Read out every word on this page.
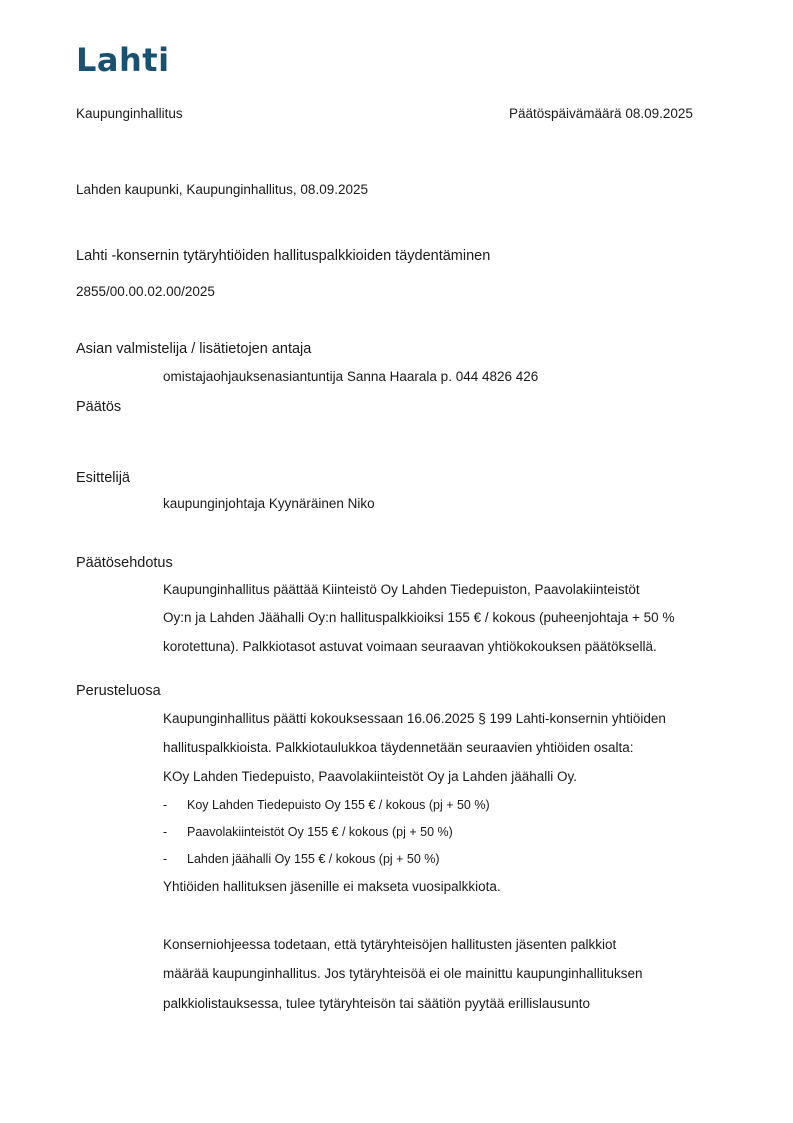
Lahti
Kaupunginhallitus	Päätöspäivämäärä 08.09.2025
Lahden kaupunki, Kaupunginhallitus, 08.09.2025
Lahti -konsernin tytäryhtiöiden hallituspalkkioiden täydentäminen
2855/00.00.02.00/2025
Asian valmistelija / lisätietojen antaja
omistajaohjauksenasiantuntija Sanna Haarala p. 044 4826 426
Päätös
Esittelijä
kaupunginjohtaja Kyynäräinen Niko
Päätösehdotus
Kaupunginhallitus päättää Kiinteistö Oy Lahden Tiedepuiston, Paavolakiinteistöt
Oy:n ja Lahden Jäähalli Oy:n hallituspalkkioiksi 155 € / kokous (puheenjohtaja + 50 %
korotettuna). Palkkiotasot astuvat voimaan seuraavan yhtiökokouksen päätöksellä.
Perusteluosa
Kaupunginhallitus päätti kokouksessaan 16.06.2025 § 199 Lahti-konsernin yhtiöiden
hallituspalkkioista. Palkkiotaulukkoa täydennetään seuraavien yhtiöiden osalta:
KOy Lahden Tiedepuisto, Paavolakiinteistöt Oy ja Lahden jäähalli Oy.
- Koy Lahden Tiedepuisto Oy 155 € / kokous (pj + 50 %)
- Paavolakiinteistöt Oy 155 € / kokous (pj + 50 %)
- Lahden jäähalli Oy 155 € / kokous (pj + 50 %)
Yhtiöiden hallituksen jäsenille ei makseta vuosipalkkiota.
Konserniohjeessa todetaan, että tytäryhteisöjen hallitusten jäsenten palkkiot
määrää kaupunginhallitus. Jos tytäryhteisöä ei ole mainittu kaupunginhallituksen
palkkiolistauksessa, tulee tytäryhteisön tai säätiön pyytää erillislausunto
